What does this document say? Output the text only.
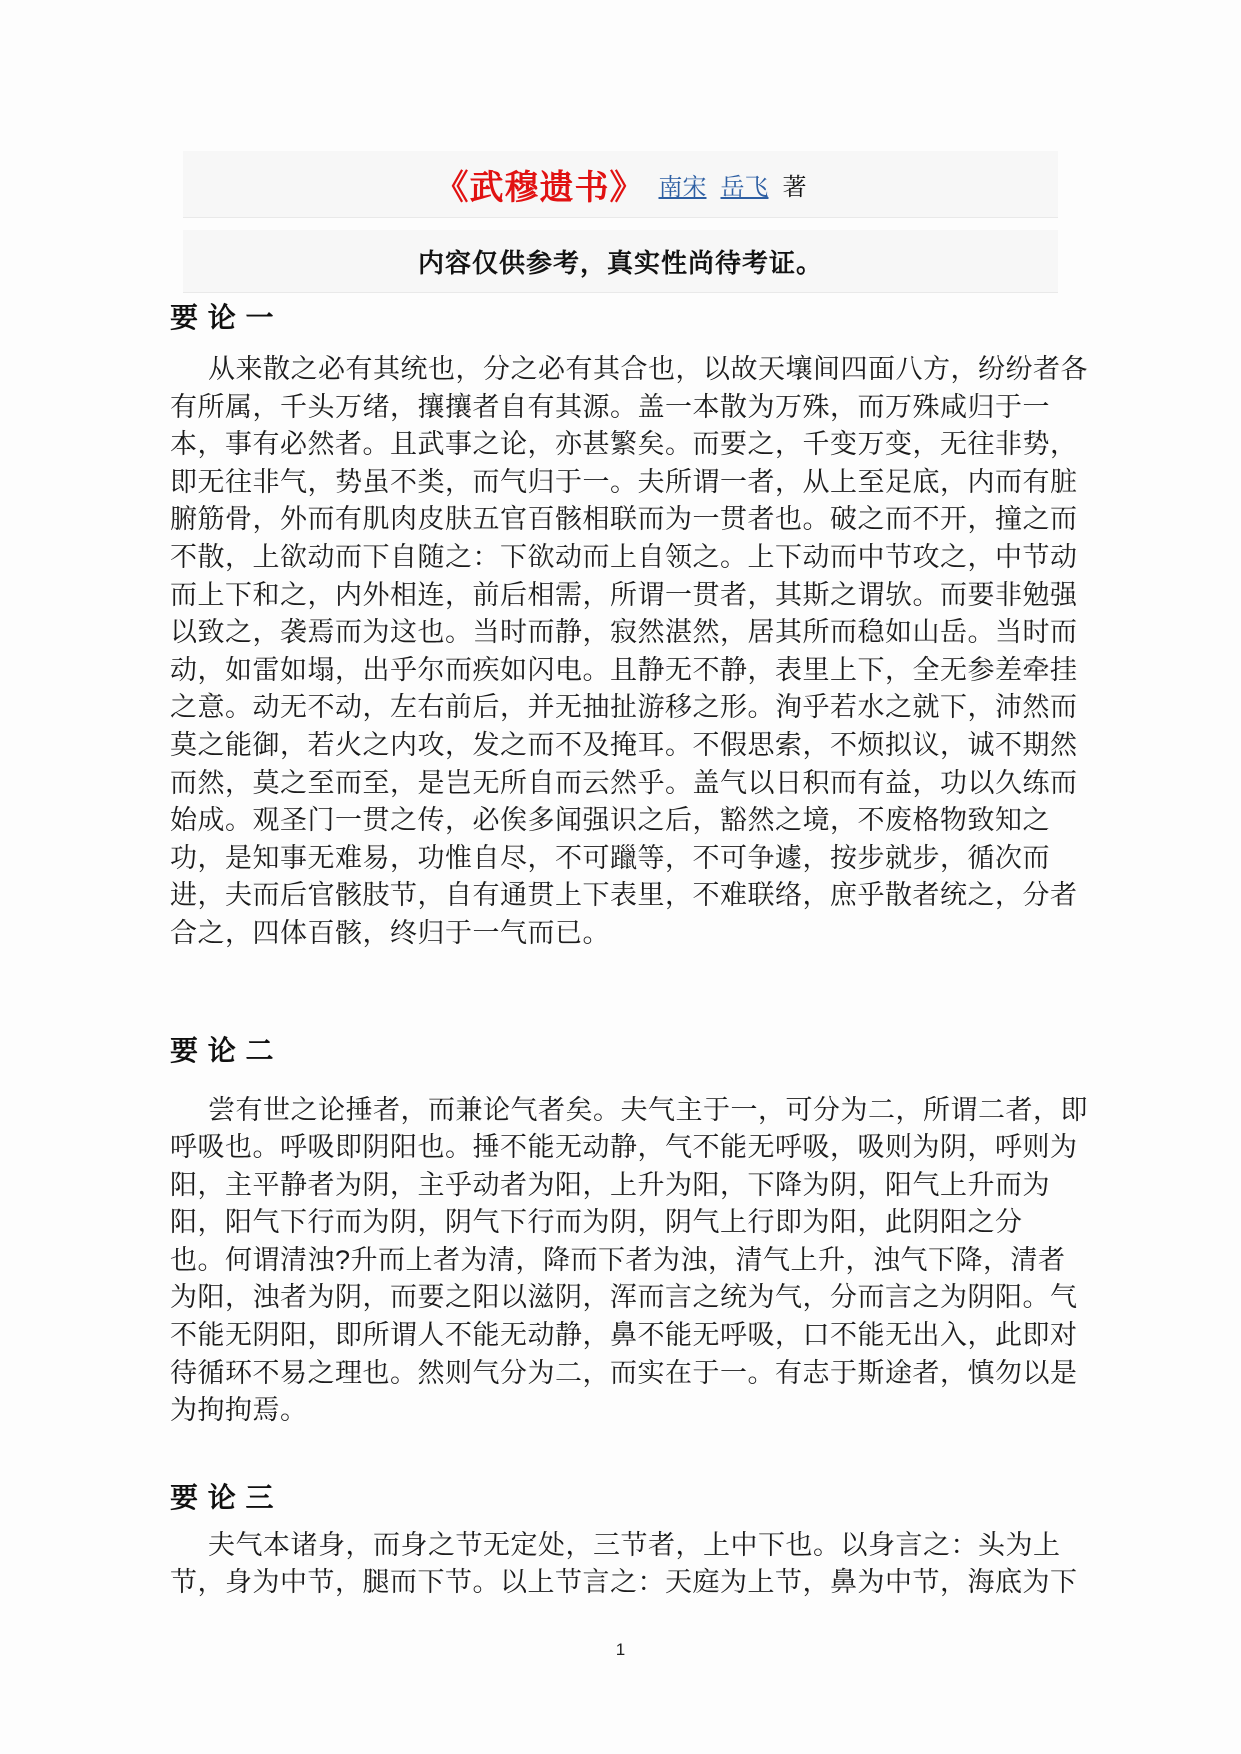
《武穆遗书》 南宋 岳飞 著
内容仅供参考，真实性尚待考证。
要 论 一
从来散之必有其统也，分之必有其合也，以故天壤间四面八方，纷纷者各
有所属，千头万绪，攘攘者自有其源。盖一本散为万殊，而万殊咸归于一
本，事有必然者。且武事之论，亦甚繁矣。而要之，千变万变，无往非势，
即无往非气，势虽不类，而气归于一。夫所谓一者，从上至足底，内而有脏
腑筋骨，外而有肌肉皮肤五官百骸相联而为一贯者也。破之而不开，撞之而
不散，上欲动而下自随之：下欲动而上自领之。上下动而中节攻之，中节动
而上下和之，内外相连，前后相需，所谓一贯者，其斯之谓欤。而要非勉强
以致之，袭焉而为这也。当时而静，寂然湛然，居其所而稳如山岳。当时而
动，如雷如塌，出乎尔而疾如闪电。且静无不静，表里上下，全无参差牵挂
之意。动无不动，左右前后，并无抽扯游移之形。洵乎若水之就下，沛然而
莫之能御，若火之内攻，发之而不及掩耳。不假思索，不烦拟议，诚不期然
而然，莫之至而至，是岂无所自而云然乎。盖气以日积而有益，功以久练而
始成。观圣门一贯之传，必俟多闻强识之后，豁然之境，不废格物致知之
功，是知事无难易，功惟自尽，不可躐等，不可争遽，按步就步，循次而
进，夫而后官骸肢节，自有通贯上下表里，不难联络，庶乎散者统之，分者
合之，四体百骸，终归于一气而已。
要 论 二
尝有世之论捶者，而兼论气者矣。夫气主于一，可分为二，所谓二者，即
呼吸也。呼吸即阴阳也。捶不能无动静，气不能无呼吸，吸则为阴，呼则为
阳，主平静者为阴，主乎动者为阳，上升为阳，下降为阴，阳气上升而为
阳，阳气下行而为阴，阴气下行而为阴，阴气上行即为阳，此阴阳之分
也。何谓清浊?升而上者为清，降而下者为浊，清气上升，浊气下降，清者
为阳，浊者为阴，而要之阳以滋阴，浑而言之统为气，分而言之为阴阳。气
不能无阴阳，即所谓人不能无动静，鼻不能无呼吸，口不能无出入，此即对
待循环不易之理也。然则气分为二，而实在于一。有志于斯途者，慎勿以是
为拘拘焉。
要 论 三
夫气本诸身，而身之节无定处，三节者，上中下也。以身言之：头为上
节，身为中节，腿而下节。以上节言之：天庭为上节，鼻为中节，海底为下
1
